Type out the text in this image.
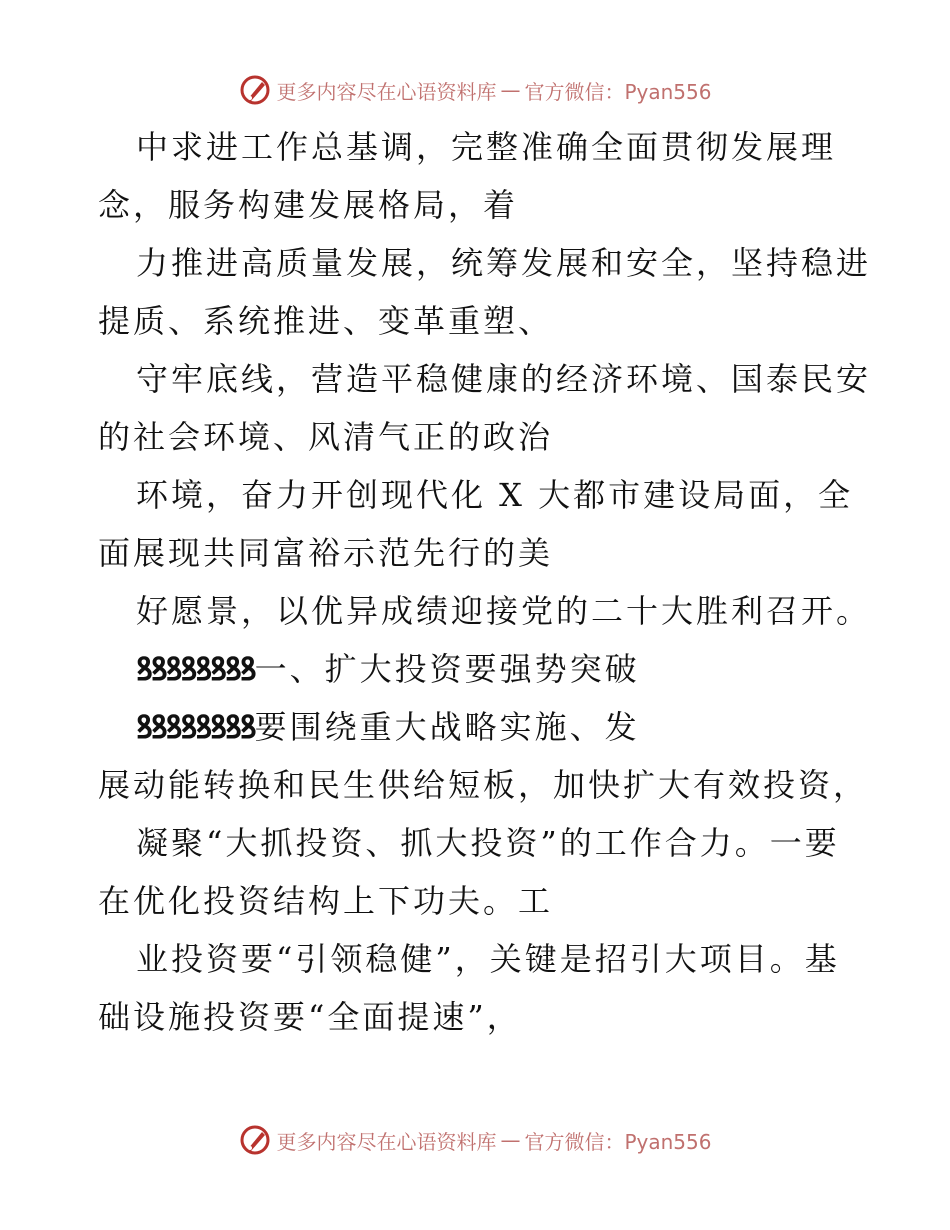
更多内容尽在心语资料库 — 官方微信：Pyan556

中求进工作总基调，完整准确全面贯彻发展理
念，服务构建发展格局，着

力推进高质量发展，统筹发展和安全，坚持稳进
提质、系统推进、变革重塑、

守牢底线，营造平稳健康的经济环境、国泰民安
的社会环境、风清气正的政治

环境，奋力开创现代化 X 大都市建设局面，全
面展现共同富裕示范先行的美

好愿景，以优异成绩迎接党的二十大胜利召开。

ꝸꝸꝸꝸꝸꝸꝸꝸ一、扩大投资要强势突破

ꝸꝸꝸꝸꝸꝸꝸꝸ要围绕重大战略实施、发
展动能转换和民生供给短板，加快扩大有效投资，

凝聚“大抓投资、抓大投资”的工作合力。一要
在优化投资结构上下功夫。工

业投资要“引领稳健”，关键是招引大项目。基
础设施投资要“全面提速”，

更多内容尽在心语资料库 — 官方微信：Pyan556
